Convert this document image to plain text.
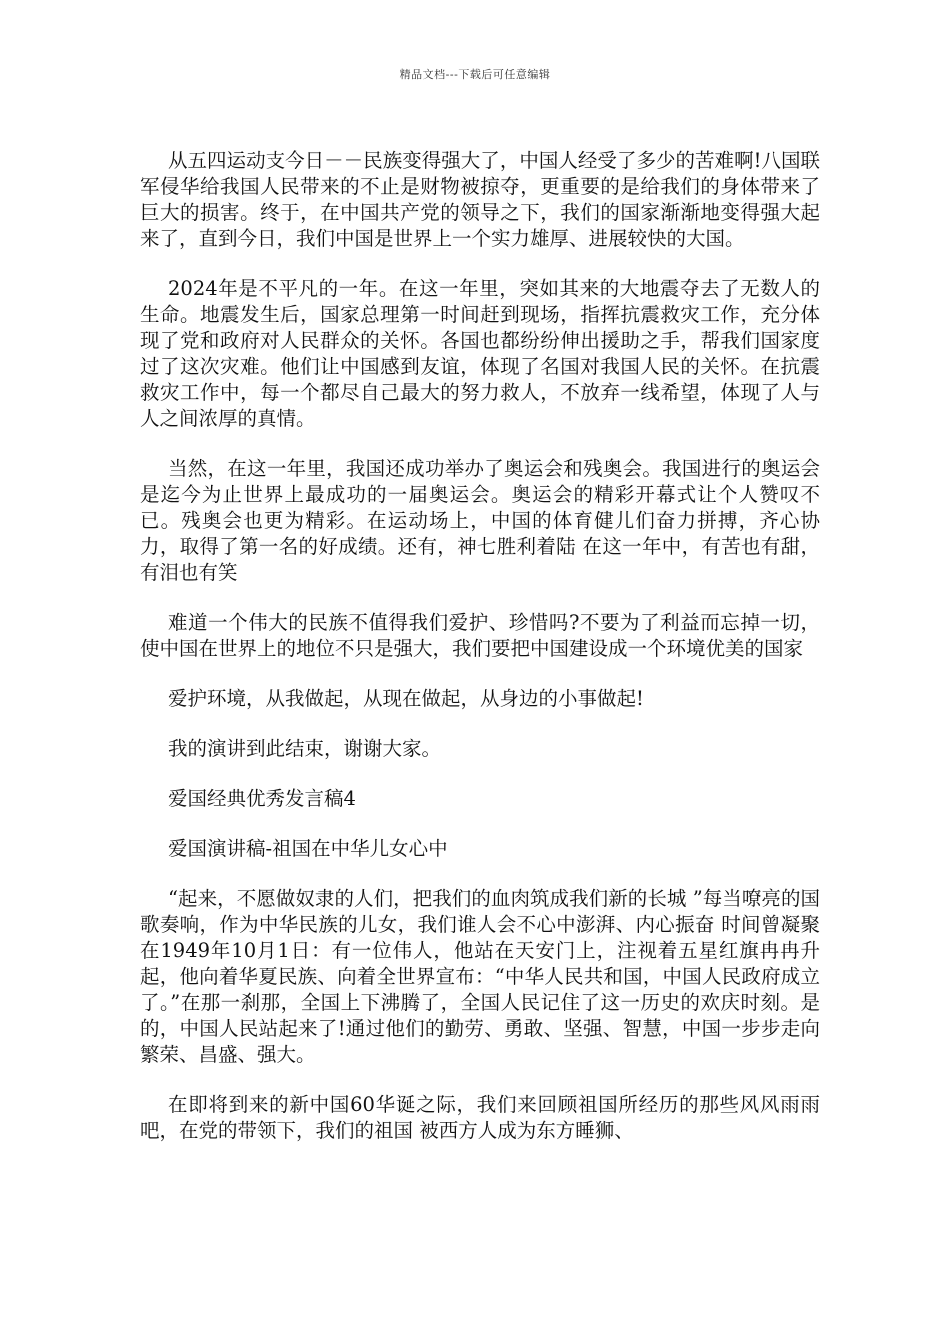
精品文档---下载后可任意编辑

从五四运动支今日－－民族变得强大了，中国人经受了多少的苦难啊!八国联军侵华给我国人民带来的不止是财物被掠夺，更重要的是给我们的身体带来了巨大的损害。终于，在中国共产党的领导之下，我们的国家渐渐地变得强大起来了，直到今日，我们中国是世界上一个实力雄厚、进展较快的大国。

2024年是不平凡的一年。在这一年里，突如其来的大地震夺去了无数人的生命。地震发生后，国家总理第一时间赶到现场，指挥抗震救灾工作，充分体现了党和政府对人民群众的关怀。各国也都纷纷伸出援助之手，帮我们国家度过了这次灾难。他们让中国感到友谊，体现了名国对我国人民的关怀。在抗震救灾工作中，每一个都尽自己最大的努力救人，不放弃一线希望，体现了人与人之间浓厚的真情。

当然，在这一年里，我国还成功举办了奥运会和残奥会。我国进行的奥运会是迄今为止世界上最成功的一届奥运会。奥运会的精彩开幕式让个人赞叹不已。残奥会也更为精彩。在运动场上，中国的体育健儿们奋力拼搏，齐心协力，取得了第一名的好成绩。还有，神七胜利着陆 在这一年中，有苦也有甜，有泪也有笑

难道一个伟大的民族不值得我们爱护、珍惜吗?不要为了利益而忘掉一切，使中国在世界上的地位不只是强大，我们要把中国建设成一个环境优美的国家

爱护环境，从我做起，从现在做起，从身边的小事做起!

我的演讲到此结束，谢谢大家。

爱国经典优秀发言稿4

爱国演讲稿-祖国在中华儿女心中

“起来，不愿做奴隶的人们，把我们的血肉筑成我们新的长城 ”每当嘹亮的国歌奏响，作为中华民族的儿女，我们谁人会不心中澎湃、内心振奋 时间曾凝聚在1949年10月1日：有一位伟人，他站在天安门上，注视着五星红旗冉冉升起，他向着华夏民族、向着全世界宣布：“中华人民共和国，中国人民政府成立了。”在那一刹那，全国上下沸腾了，全国人民记住了这一历史的欢庆时刻。是的，中国人民站起来了!通过他们的勤劳、勇敢、坚强、智慧，中国一步步走向繁荣、昌盛、强大。

在即将到来的新中国60华诞之际，我们来回顾祖国所经历的那些风风雨雨吧，在党的带领下，我们的祖国 被西方人成为东方睡狮、
